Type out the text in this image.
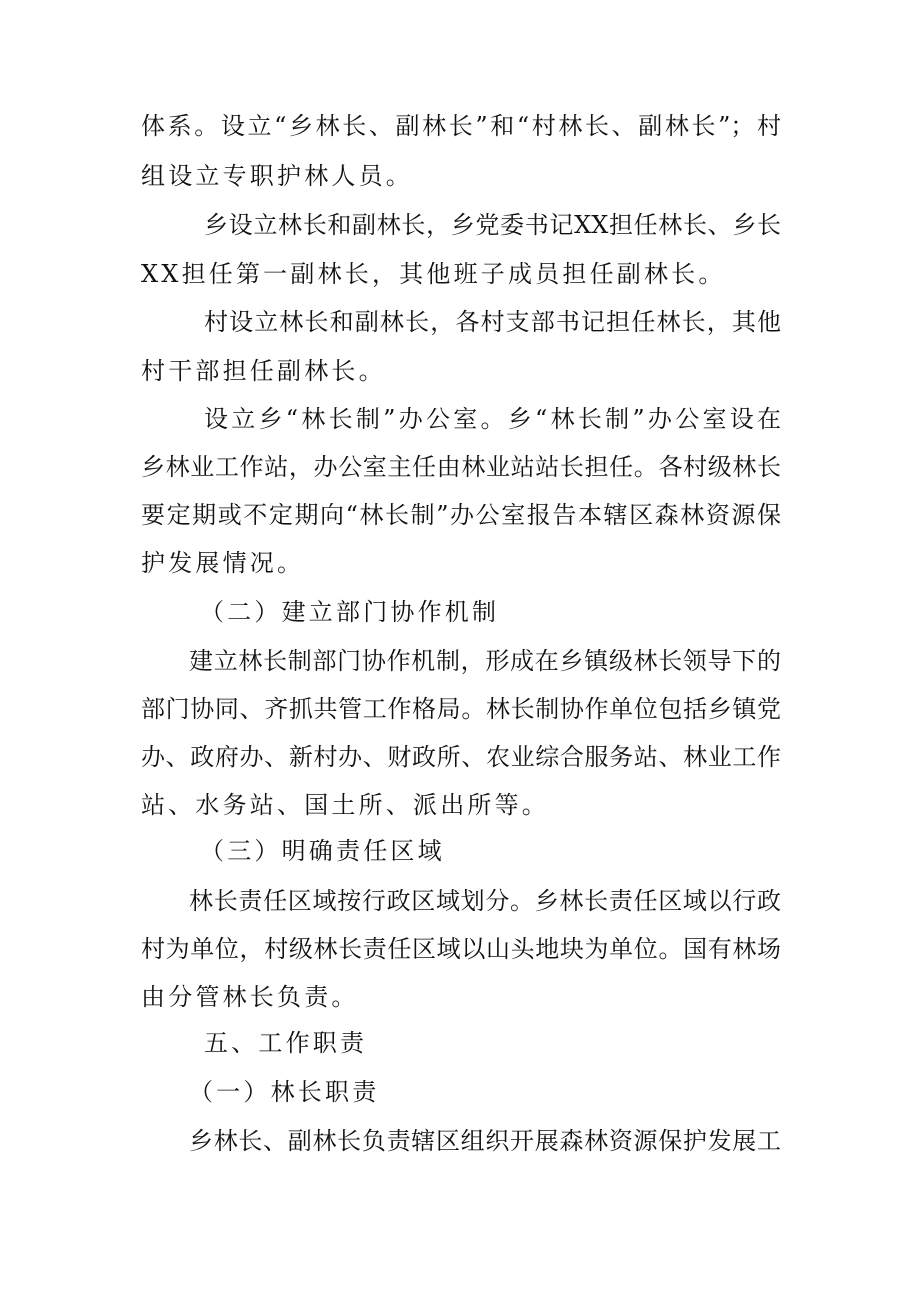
体系。设立“乡林长、副林长”和“村林长、副林长”；村
组设立专职护林人员。
乡设立林长和副林长，乡党委书记XX担任林长、乡长
XX担任第一副林长，其他班子成员担任副林长。
村设立林长和副林长，各村支部书记担任林长，其他
村干部担任副林长。
设立乡“林长制”办公室。乡“林长制”办公室设在
乡林业工作站，办公室主任由林业站站长担任。各村级林长
要定期或不定期向“林长制”办公室报告本辖区森林资源保
护发展情况。
（二）建立部门协作机制
建立林长制部门协作机制，形成在乡镇级林长领导下的
部门协同、齐抓共管工作格局。林长制协作单位包括乡镇党
办、政府办、新村办、财政所、农业综合服务站、林业工作
站、水务站、国土所、派出所等。
（三）明确责任区域
林长责任区域按行政区域划分。乡林长责任区域以行政
村为单位，村级林长责任区域以山头地块为单位。国有林场
由分管林长负责。
五、工作职责
（一）林长职责
乡林长、副林长负责辖区组织开展森林资源保护发展工
